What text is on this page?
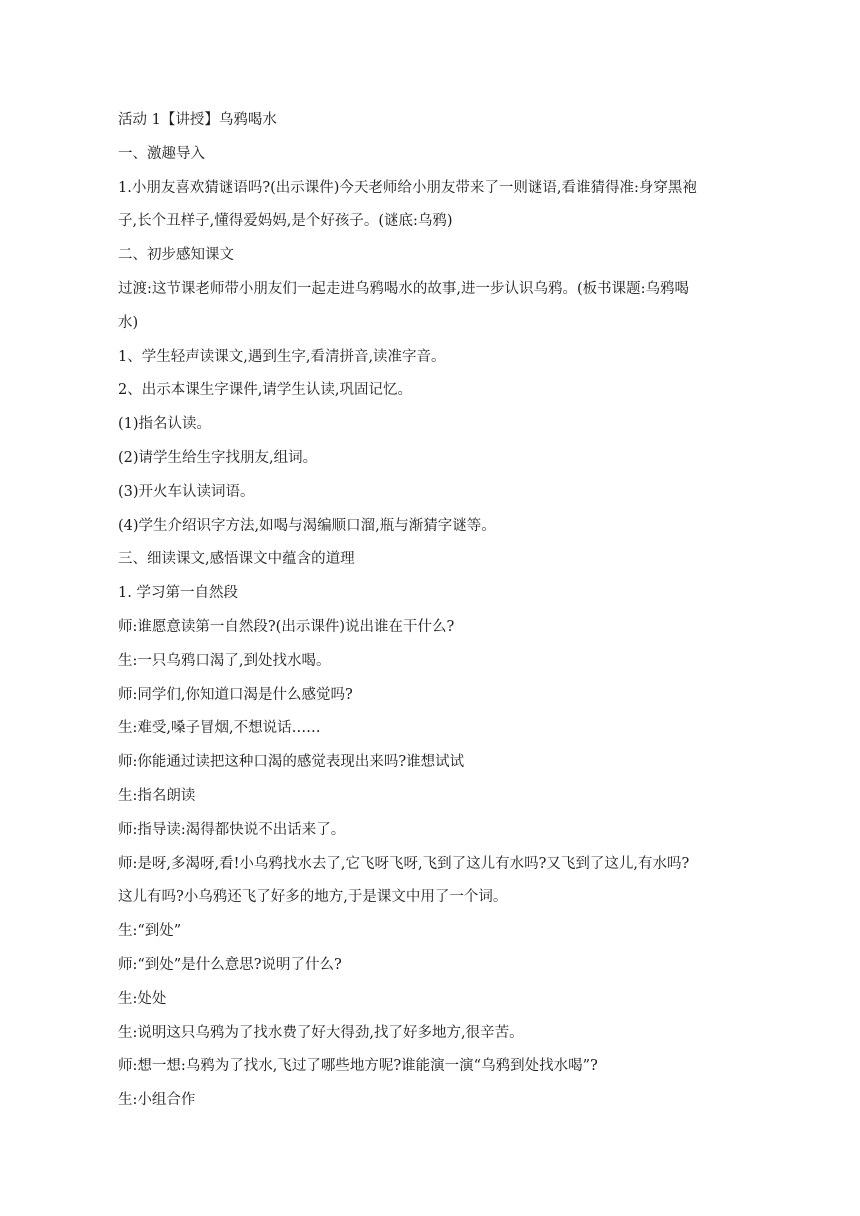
活动 1【讲授】乌鸦喝水
一、激趣导入
1.小朋友喜欢猜谜语吗?(出示课件)今天老师给小朋友带来了一则谜语,看谁猜得准:身穿黑袍
子,长个丑样子,懂得爱妈妈,是个好孩子。(谜底:乌鸦)
二、初步感知课文
过渡:这节课老师带小朋友们一起走进乌鸦喝水的故事,进一步认识乌鸦。(板书课题:乌鸦喝
水)
1、学生轻声读课文,遇到生字,看清拼音,读准字音。
2、出示本课生字课件,请学生认读,巩固记忆。
(1)指名认读。
(2)请学生给生字找朋友,组词。
(3)开火车认读词语。
(4)学生介绍识字方法,如喝与渴编顺口溜,瓶与渐猜字谜等。
三、细读课文,感悟课文中蕴含的道理
1. 学习第一自然段
师:谁愿意读第一自然段?(出示课件)说出谁在干什么?
生:一只乌鸦口渴了,到处找水喝。
师:同学们,你知道口渴是什么感觉吗?
生:难受,嗓子冒烟,不想说话……
师:你能通过读把这种口渴的感觉表现出来吗?谁想试试
生:指名朗读
师:指导读:渴得都快说不出话来了。
师:是呀,多渴呀,看!小乌鸦找水去了,它飞呀飞呀,飞到了这儿有水吗?又飞到了这儿,有水吗?
这儿有吗?小乌鸦还飞了好多的地方,于是课文中用了一个词。
生:“到处”
师:“到处”是什么意思?说明了什么?
生:处处
生:说明这只乌鸦为了找水费了好大得劲,找了好多地方,很辛苦。
师:想一想:乌鸦为了找水,飞过了哪些地方呢?谁能演一演“乌鸦到处找水喝”?
生:小组合作
